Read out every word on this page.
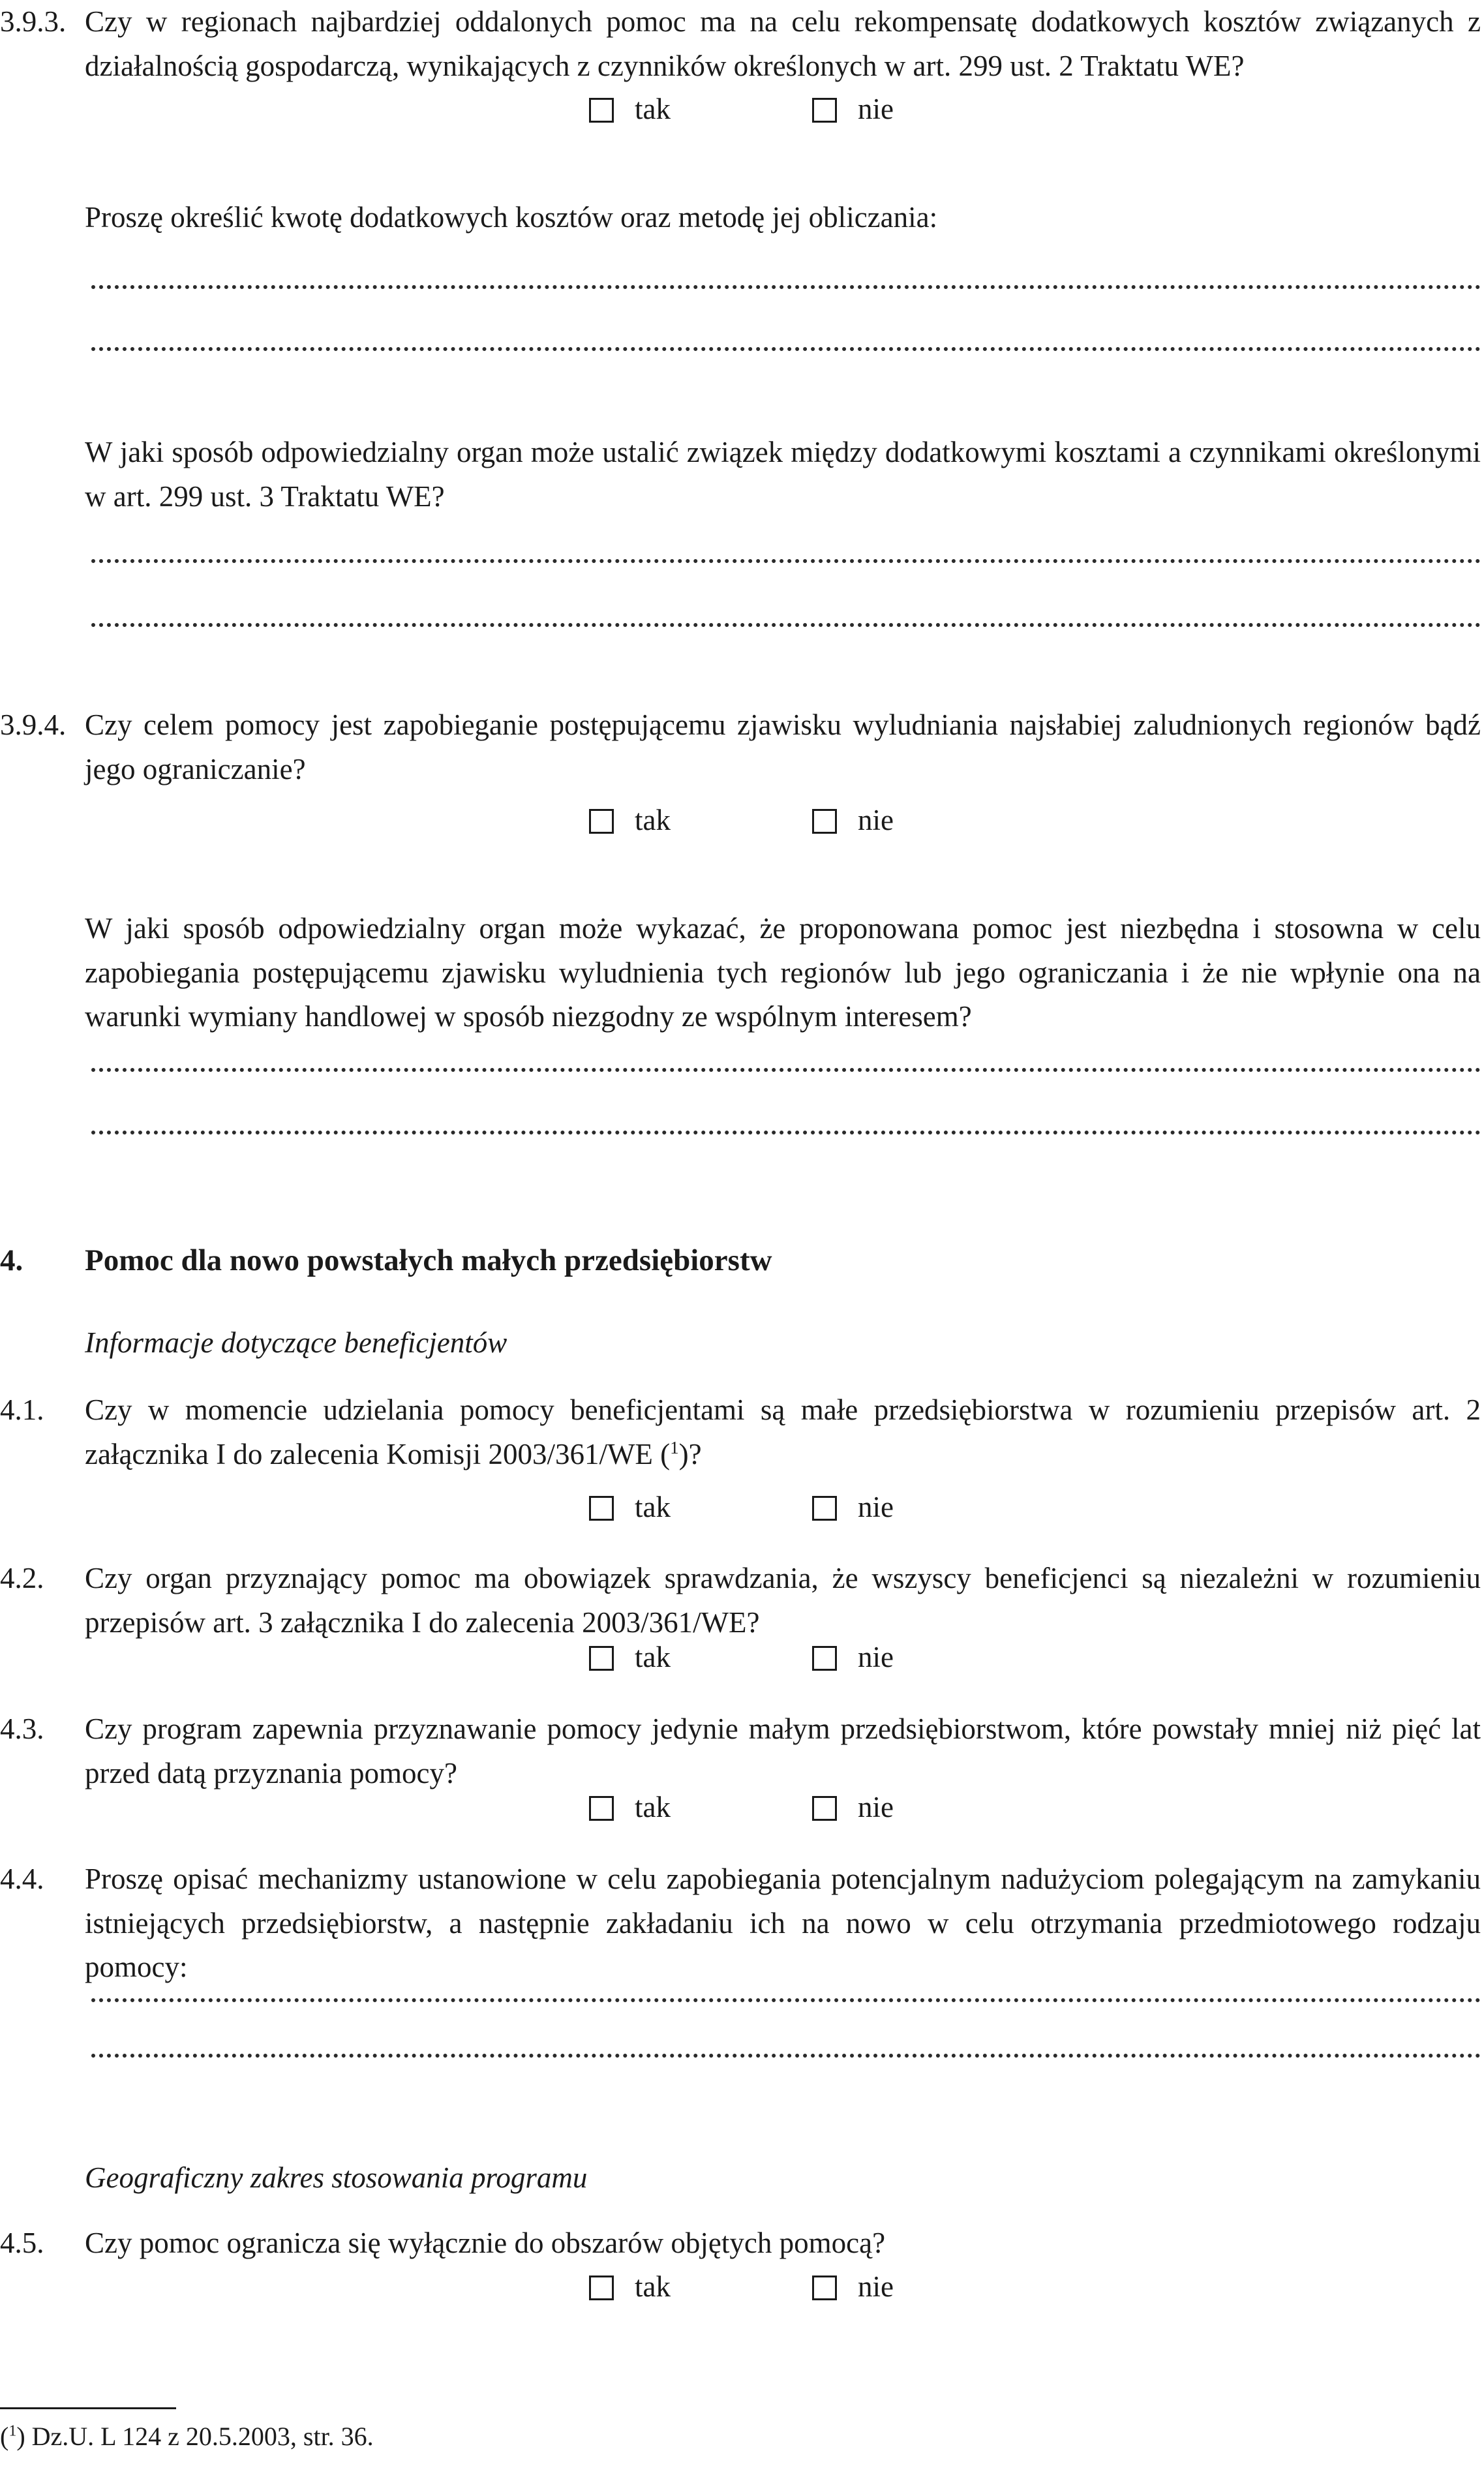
3.9.3. Czy w regionach najbardziej oddalonych pomoc ma na celu rekompensatę dodatkowych kosztów związanych z działalnością gospodarczą, wynikających z czynników określonych w art. 299 ust. 2 Traktatu WE?

tak	nie

Proszę określić kwotę dodatkowych kosztów oraz metodę jej obliczania:

W jaki sposób odpowiedzialny organ może ustalić związek między dodatkowymi kosztami a czynnikami określonymi w art. 299 ust. 3 Traktatu WE?

3.9.4. Czy celem pomocy jest zapobieganie postępującemu zjawisku wyludniania najsłabiej zaludnionych regionów bądź jego ograniczanie?

tak	nie

W jaki sposób odpowiedzialny organ może wykazać, że proponowana pomoc jest niezbędna i stosowna w celu zapobiegania postępującemu zjawisku wyludnienia tych regionów lub jego ograniczania i że nie wpłynie ona na warunki wymiany handlowej w sposób niezgodny ze wspólnym interesem?

4. Pomoc dla nowo powstałych małych przedsiębiorstw
Informacje dotyczące beneficjentów
4.1. Czy w momencie udzielania pomocy beneficjentami są małe przedsiębiorstwa w rozumieniu przepisów art. 2 załącznika I do zalecenia Komisji 2003/361/WE ($^1$)?

tak	nie
4.2. Czy organ przyznający pomoc ma obowiązek sprawdzania, że wszyscy beneficjenci są niezależni w rozumieniu przepisów art. 3 załącznika I do zalecenia 2003/361/WE?

tak	nie
4.3. Czy program zapewnia przyznawanie pomocy jedynie małym przedsiębiorstwom, które powstały mniej niż pięć lat przed datą przyznania pomocy?

tak	nie
4.4. Proszę opisać mechanizmy ustanowione w celu zapobiegania potencjalnym nadużyciom polegającym na zamykaniu istniejących przedsiębiorstw, a następnie zakładaniu ich na nowo w celu otrzymania przedmiotowego rodzaju pomocy:

Geograficzny zakres stosowania programu
4.5. Czy pomoc ogranicza się wyłącznie do obszarów objętych pomocą?

tak	nie
($^1$) Dz.U. L 124 z 20.5.2003, str. 36.
